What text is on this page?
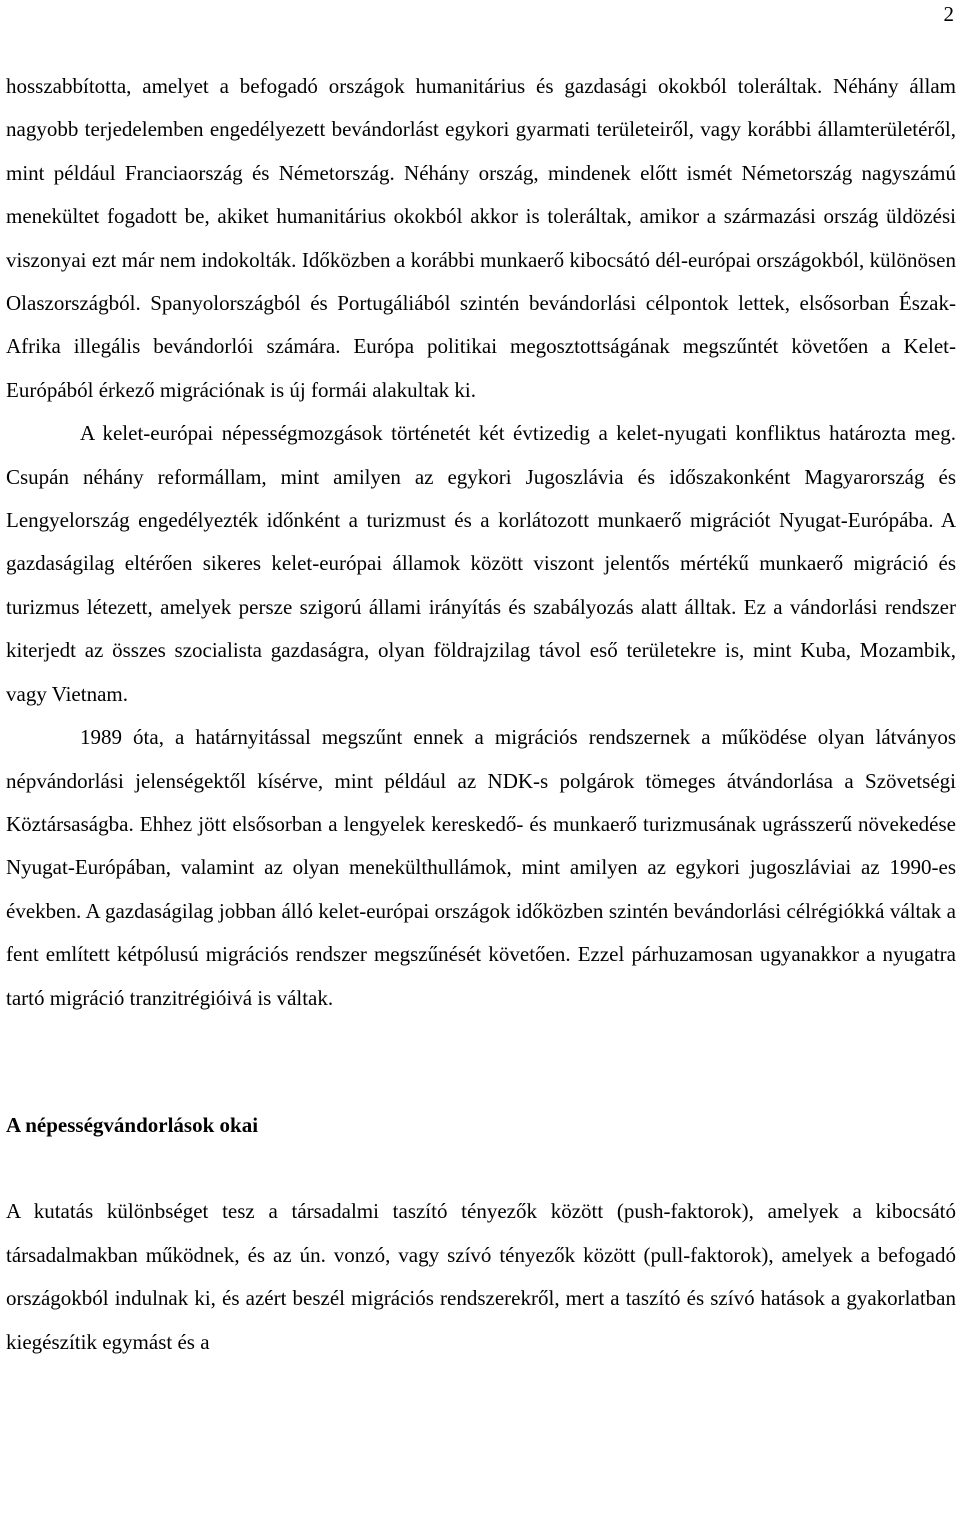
2

hosszabbította, amelyet a befogadó országok humanitárius és gazdasági okokból toleráltak. Néhány állam nagyobb terjedelemben engedélyezett bevándorlást egykori gyarmati területeiről, vagy korábbi államterületéről, mint például Franciaország és Németország. Néhány ország, mindenek előtt ismét Németország nagyszámú menekültet fogadott be, akiket humanitárius okokból akkor is toleráltak, amikor a származási ország üldözési viszonyai ezt már nem indokolták. Időközben a korábbi munkaerő kibocsátó dél-európai országokból, különösen Olaszországból. Spanyolországból és Portugáliából szintén bevándorlási célpontok lettek, elsősorban Észak-Afrika illegális bevándorlói számára. Európa politikai megosztottságának megszűntét követően a Kelet-Európából érkező migrációnak is új formái alakultak ki.

A kelet-európai népességmozgások történetét két évtizedig a kelet-nyugati konfliktus határozta meg. Csupán néhány reformállam, mint amilyen az egykori Jugoszlávia és időszakonként Magyarország és Lengyelország engedélyezték időnként a turizmust és a korlátozott munkaerő migrációt Nyugat-Európába. A gazdaságilag eltérően sikeres kelet-európai államok között viszont jelentős mértékű munkaerő migráció és turizmus létezett, amelyek persze szigorú állami irányítás és szabályozás alatt álltak. Ez a vándorlási rendszer kiterjedt az összes szocialista gazdaságra, olyan földrajzilag távol eső területekre is, mint Kuba, Mozambik, vagy Vietnam.

1989 óta, a határnyitással megszűnt ennek a migrációs rendszernek a működése olyan látványos népvándorlási jelenségektől kísérve, mint például az NDK-s polgárok tömeges átvándorlása a Szövetségi Köztársaságba. Ehhez jött elsősorban a lengyelek kereskedő- és munkaerő turizmusának ugrásszerű növekedése Nyugat-Európában, valamint az olyan menekülthullámok, mint amilyen az egykori jugoszláviai az 1990-es években. A gazdaságilag jobban álló kelet-európai országok időközben szintén bevándorlási célrégiókká váltak a fent említett kétpólusú migrációs rendszer megszűnését követően. Ezzel párhuzamosan ugyanakkor a nyugatra tartó migráció tranzitrégióivá is váltak.

A népességvándorlások okai

A kutatás különbséget tesz a társadalmi taszító tényezők között (push-faktorok), amelyek a kibocsátó társadalmakban működnek, és az ún. vonzó, vagy szívó tényezők között (pull-faktorok), amelyek a befogadó országokból indulnak ki, és azért beszél migrációs rendszerekről, mert a taszító és szívó hatások a gyakorlatban kiegészítik egymást és a
